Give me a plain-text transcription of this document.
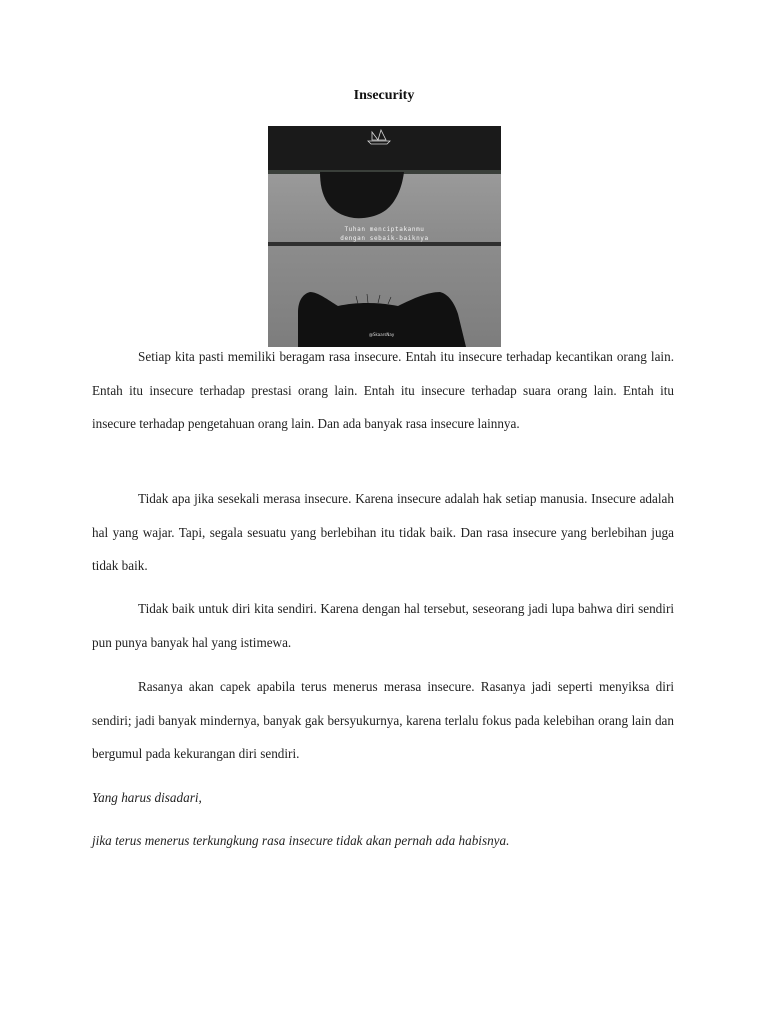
Insecurity
Tuhan menciptakanmu
dengan sebaik-baiknya
@SkaarsNay
Setiap kita pasti memiliki beragam rasa insecure. Entah itu insecure terhadap kecantikan orang lain. Entah itu insecure terhadap prestasi orang lain. Entah itu insecure terhadap suara orang lain. Entah itu insecure terhadap pengetahuan orang lain. Dan ada banyak rasa insecure lainnya.
Tidak apa jika sesekali merasa insecure. Karena insecure adalah hak setiap manusia. Insecure adalah hal yang wajar. Tapi, segala sesuatu yang berlebihan itu tidak baik. Dan rasa insecure yang berlebihan juga tidak baik.
Tidak baik untuk diri kita sendiri. Karena dengan hal tersebut, seseorang jadi lupa bahwa diri sendiri pun punya banyak hal yang istimewa.
Rasanya akan capek apabila terus menerus merasa insecure. Rasanya jadi seperti menyiksa diri sendiri; jadi banyak mindernya, banyak gak bersyukurnya, karena terlalu fokus pada kelebihan orang lain dan bergumul pada kekurangan diri sendiri.
Yang harus disadari,
jika terus menerus terkungkung rasa insecure tidak akan pernah ada habisnya.
